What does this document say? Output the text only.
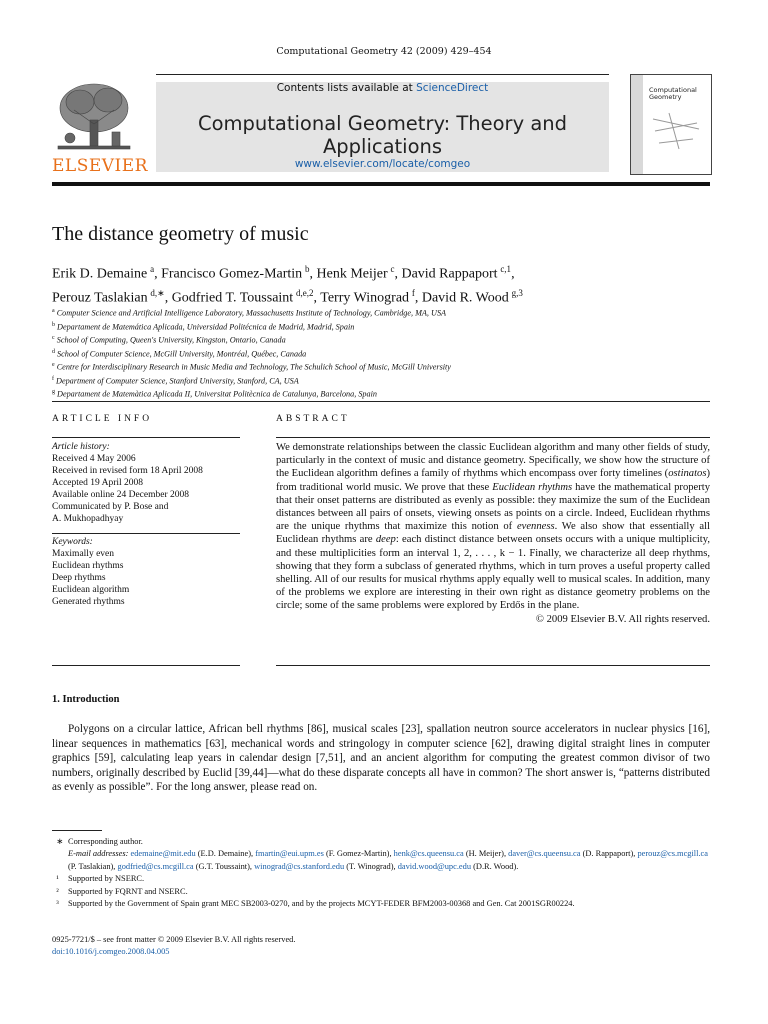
Computational Geometry 42 (2009) 429–454
ELSEVIER
Contents lists available at ScienceDirect
Computational Geometry: Theory and Applications
www.elsevier.com/locate/comgeo
Computational
Geometry
The distance geometry of music
Erik D. Demaine  $^a$, Francisco Gomez-Martin  $^b$, Henk Meijer  $^c$, David Rappaport  $^{c,1}$,
Perouz Taslakian  $^{d,∗}$, Godfried T. Toussaint  $^{d,e,2}$, Terry Winograd  $^f$, David R. Wood  $^{g,3}$
$^a$ Computer Science and Artificial Intelligence Laboratory, Massachusetts Institute of Technology, Cambridge, MA, USA
$^b$ Departament de Matemática Aplicada, Universidad Politécnica de Madrid, Madrid, Spain
$^c$ School of Computing, Queen's University, Kingston, Ontario, Canada
$^d$ School of Computer Science, McGill University, Montréal, Québec, Canada
$^e$ Centre for Interdisciplinary Research in Music Media and Technology, The Schulich School of Music, McGill University
$^f$ Department of Computer Science, Stanford University, Stanford, CA, USA
$^g$ Departament de Matemàtica Aplicada II, Universitat Politècnica de Catalunya, Barcelona, Spain
ARTICLE INFO
Article history:
Received 4 May 2006
Received in revised form 18 April 2008
Accepted 19 April 2008
Available online 24 December 2008
Communicated by P. Bose and
A. Mukhopadhyay
Keywords:
Maximally even
Euclidean rhythms
Deep rhythms
Euclidean algorithm
Generated rhythms
ABSTRACT
We demonstrate relationships between the classic Euclidean algorithm and many other fields of study, particularly in the context of music and distance geometry. Specifically, we show how the structure of the Euclidean algorithm defines a family of rhythms which encompass over forty timelines (ostinatos) from traditional world music. We prove that these Euclidean rhythms have the mathematical property that their onset patterns are distributed as evenly as possible: they maximize the sum of the Euclidean distances between all pairs of onsets, viewing onsets as points on a circle. Indeed, Euclidean rhythms are the unique rhythms that maximize this notion of evenness. We also show that essentially all Euclidean rhythms are deep: each distinct distance between onsets occurs with a unique multiplicity, and these multiplicities form an interval 1, 2, . . . , k − 1. Finally, we characterize all deep rhythms, showing that they form a subclass of generated rhythms, which in turn proves a useful property called shelling. All of our results for musical rhythms apply equally well to musical scales. In addition, many of the problems we explore are interesting in their own right as distance geometry problems on the circle; some of the same problems were explored by Erdős in the plane.
© 2009 Elsevier B.V. All rights reserved.
1. Introduction
Polygons on a circular lattice, African bell rhythms [86], musical scales [23], spallation neutron source accelerators in nuclear physics [16], linear sequences in mathematics [63], mechanical words and stringology in computer science [62], drawing digital straight lines in computer graphics [59], calculating leap years in calendar design [7,51], and an ancient algorithm for computing the greatest common divisor of two numbers, originally described by Euclid [39,44]—what do these disparate concepts all have in common? The short answer is, “patterns distributed as evenly as possible”. For the long answer, please read on.
∗ Corresponding author.
E-mail addresses: edemaine@mit.edu (E.D. Demaine), fmartin@eui.upm.es (F. Gomez-Martin), henk@cs.queensu.ca (H. Meijer), daver@cs.queensu.ca (D. Rappaport), perouz@cs.mcgill.ca (P. Taslakian), godfried@cs.mcgill.ca (G.T. Toussaint), winograd@cs.stanford.edu (T. Winograd), david.wood@upc.edu (D.R. Wood).
¹ Supported by NSERC.
² Supported by FQRNT and NSERC.
³ Supported by the Government of Spain grant MEC SB2003-0270, and by the projects MCYT-FEDER BFM2003-00368 and Gen. Cat 2001SGR00224.
0925-7721/$ – see front matter © 2009 Elsevier B.V. All rights reserved.
doi:10.1016/j.comgeo.2008.04.005
